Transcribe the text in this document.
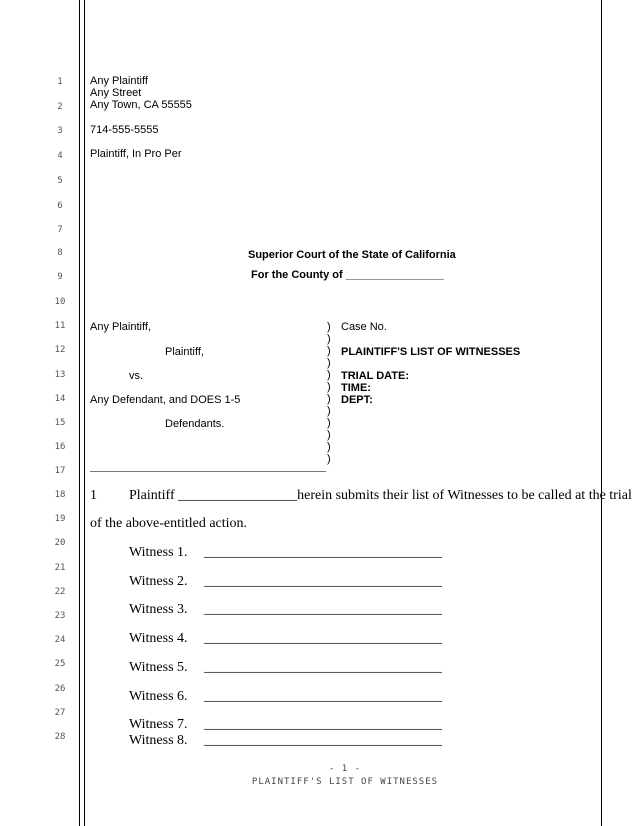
1
2
3
4
5
6
7
8
9
10
11
12
13
14
15
16
17
18
19
20
21
22
23
24
25
26
27
28
Any Plaintiff
Any Street
Any Town, CA 55555
714-555-5555
Plaintiff, In Pro Per
Superior Court of the State of California
For the County of ________________
Any Plaintiff,
Plaintiff,
vs.
Any Defendant, and DOES 1-5
Defendants.
)
)
)
)
)
)
)
)
)
)
)
)
Case No.
PLAINTIFF'S LIST OF WITNESSES
TRIAL DATE:
TIME:
DEPT:
1 Plaintiff _________________herein submits their list of Witnesses to be called at the trial
of the above-entitled action.
Witness 1. __________________________________
Witness 2. __________________________________
Witness 3. __________________________________
Witness 4. __________________________________
Witness 5. __________________________________
Witness 6. __________________________________
Witness 7. __________________________________
Witness 8. __________________________________
- 1 -
PLAINTIFF'S LIST OF WITNESSES
